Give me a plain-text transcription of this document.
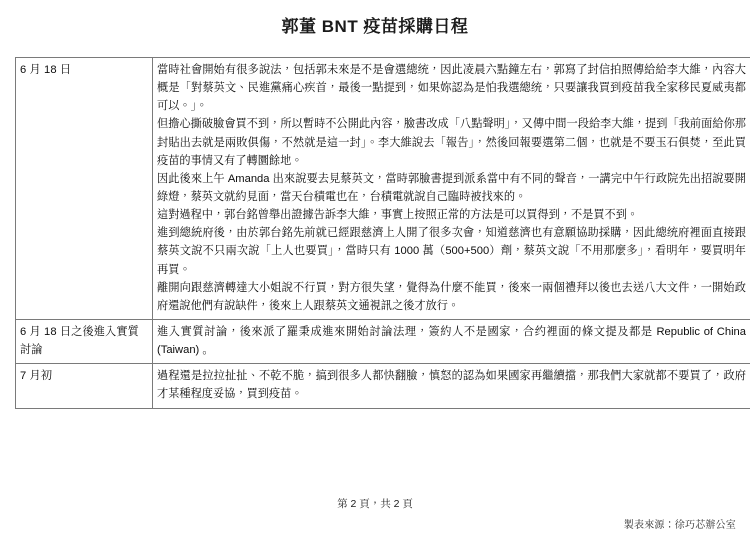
郭董 BNT 疫苗採購日程
6 月 18 日	當時社會開始有很多說法，包括郭未來是不是會選總统，因此凌晨六點鐘左右，郭寫了封信拍照傳給給李大維，內容大概是「對蔡英文、民進黨痛心疾首，最後一點提到，如果妳認為是怕我選總统，只要讓我買到疫苗我全家移民夏威夷都可以。」。

但擔心撕破臉會買不到，所以暫時不公開此內容，臉書改成「八點聲明」，又傳中間一段給李大維，提到「我前面給你那封貼出去就是兩敗俱傷，不然就是這一封」。李大維說去「報告」，然後回報要選第二個，也就是不要玉石俱焚，至此買疫苗的事情又有了轉圜餘地。

因此後來上午 Amanda 出來說要去見蔡英文，當時郭臉書提到派系當中有不同的聲音，一講完中午行政院先出招說要開綠燈，蔡英文就約見面，當天台積電也在，台積電就說自己臨時被找來的。

這對過程中，郭台銘曾舉出證據告訴李大維，事實上按照正常的方法是可以買得到，不是買不到。

進到總統府後，由於郭台銘先前就已經跟慈濟上人開了很多次會，知道慈濟也有意願協助採購，因此總统府裡面直接跟蔡英文說不只兩次說「上人也要買」，當時只有 1000 萬（500+500）劑，蔡英文說「不用那麼多」，看明年，要買明年再買。

離開向跟慈濟轉達大小姐說不行買，對方很失望，覺得為什麼不能買，後來一兩個禮拜以後也去送八大文件，一開始政府還說他們有說缺件，後來上人跟蔡英文通視訊之後才放行。

6 月 18 日之後進入實質討論	進入實質討論，後來派了羅秉成進來開始討論法理，簽約人不是國家，合约裡面的條文提及都是 Republic of China (Taiwan) 。

7 月初	過程還是拉拉扯扯、不乾不脆，搞到很多人都快翻臉，慎怒的認為如果國家再繼續擋，那我們大家就都不要買了，政府才某種程度妥協，買到疫苗。

第 2 頁，共 2 頁
製表來源：徐巧芯辦公室
